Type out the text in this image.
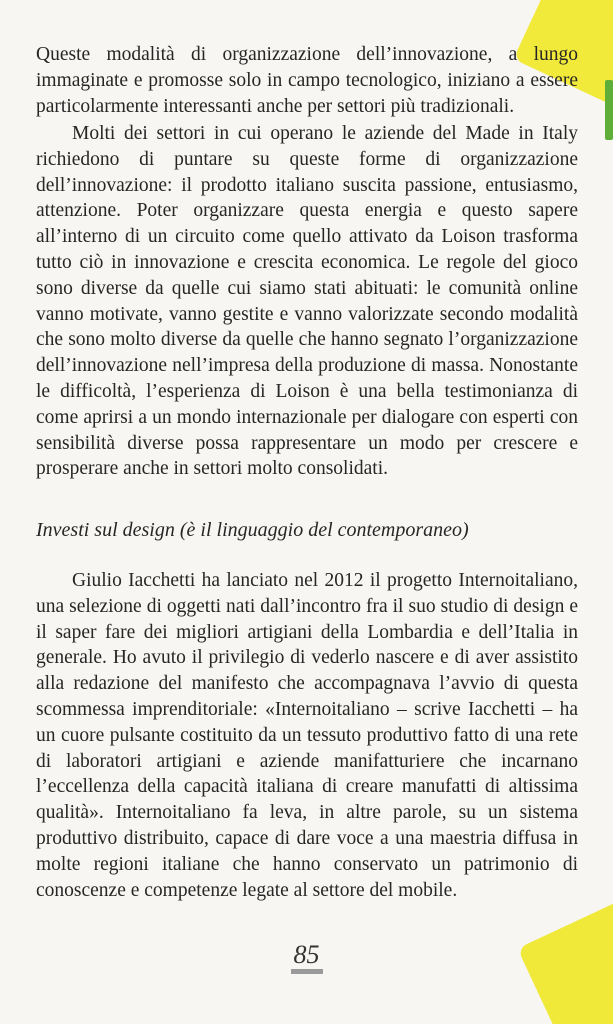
Queste modalità di organizzazione dell’innovazione, a lungo immaginate e promosse solo in campo tecnologico, iniziano a essere particolarmente interessanti anche per settori più tradizionali.

Molti dei settori in cui operano le aziende del Made in Italy richiedono di puntare su queste forme di organizzazione dell’innovazione: il prodotto italiano suscita passione, entusiasmo, attenzione. Poter organizzare questa energia e questo sapere all’interno di un circuito come quello attivato da Loison trasforma tutto ciò in innovazione e crescita economica. Le regole del gioco sono diverse da quelle cui siamo stati abituati: le comunità online vanno motivate, vanno gestite e vanno valorizzate secondo modalità che sono molto diverse da quelle che hanno segnato l’organizzazione dell’innovazione nell’impresa della produzione di massa. Nonostante le difficoltà, l’esperienza di Loison è una bella testimonianza di come aprirsi a un mondo internazionale per dialogare con esperti con sensibilità diverse possa rappresentare un modo per crescere e prosperare anche in settori molto consolidati.

Investi sul design (è il linguaggio del contemporaneo)

Giulio Iacchetti ha lanciato nel 2012 il progetto Internoitaliano, una selezione di oggetti nati dall’incontro fra il suo studio di design e il saper fare dei migliori artigiani della Lombardia e dell’Italia in generale. Ho avuto il privilegio di vederlo nascere e di aver assistito alla redazione del manifesto che accompagnava l’avvio di questa scommessa imprenditoriale: «Internoitaliano – scrive Iacchetti – ha un cuore pulsante costituito da un tessuto produttivo fatto di una rete di laboratori artigiani e aziende manifatturiere che incarnano l’eccellenza della capacità italiana di creare manufatti di altissima qualità». Internoitaliano fa leva, in altre parole, su un sistema produttivo distribuito, capace di dare voce a una maestria diffusa in molte regioni italiane che hanno conservato un patrimonio di conoscenze e competenze legate al settore del mobile.

85
